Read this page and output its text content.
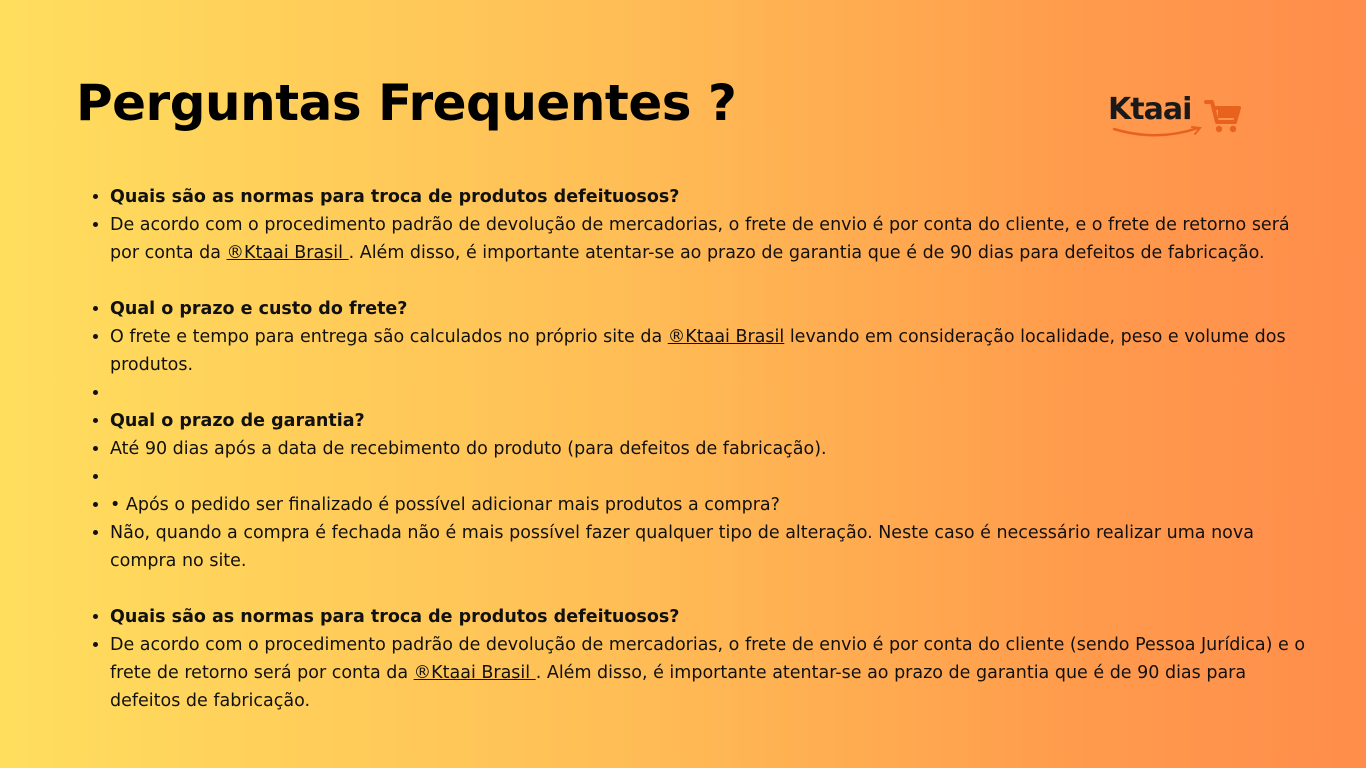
Perguntas Frequentes ?	Ktaai
• Quais são as normas para troca de produtos defeituosos?
• De acordo com o procedimento padrão de devolução de mercadorias, o frete de envio é por conta do cliente, e o frete de retorno será por conta da ®Ktaai Brasil . Além disso, é importante atentar-se ao prazo de garantia que é de 90 dias para defeitos de fabricação.
• Qual o prazo e custo do frete?
• O frete e tempo para entrega são calculados no próprio site da ®Ktaai Brasil levando em consideração localidade, peso e volume dos produtos.
•
• Qual o prazo de garantia?
• Até 90 dias após a data de recebimento do produto (para defeitos de fabricação).
•
• • Após o pedido ser finalizado é possível adicionar mais produtos a compra?
• Não, quando a compra é fechada não é mais possível fazer qualquer tipo de alteração. Neste caso é necessário realizar uma nova compra no site.
• Quais são as normas para troca de produtos defeituosos?
• De acordo com o procedimento padrão de devolução de mercadorias, o frete de envio é por conta do cliente (sendo Pessoa Jurídica) e o frete de retorno será por conta da ®Ktaai Brasil . Além disso, é importante atentar-se ao prazo de garantia que é de 90 dias para defeitos de fabricação.
